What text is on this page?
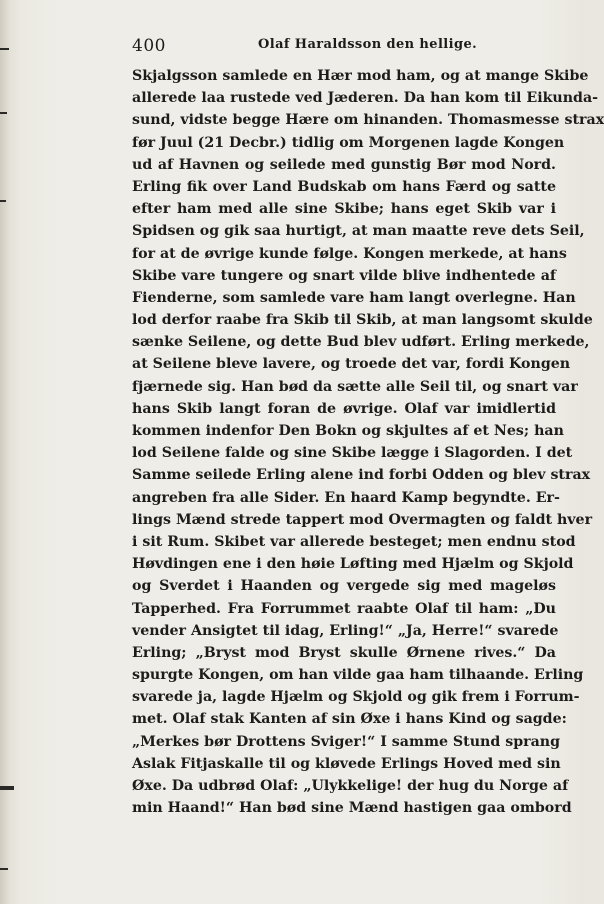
400	Olaf Haraldsson den hellige.
Skjalgsson samlede en Hær mod ham, og at mange Skibe
allerede laa rustede ved Jæderen. Da han kom til Eikunda-
sund, vidste begge Hære om hinanden. Thomasmesse strax
før Juul (21 Decbr.) tidlig om Morgenen lagde Kongen
ud af Havnen og seilede med gunstig Bør mod Nord.
Erling fik over Land Budskab om hans Færd og satte
efter ham med alle sine Skibe; hans eget Skib var i
Spidsen og gik saa hurtigt, at man maatte reve dets Seil,
for at de øvrige kunde følge. Kongen merkede, at hans
Skibe vare tungere og snart vilde blive indhentede af
Fienderne, som samlede vare ham langt overlegne. Han
lod derfor raabe fra Skib til Skib, at man langsomt skulde
sænke Seilene, og dette Bud blev udført. Erling merkede,
at Seilene bleve lavere, og troede det var, fordi Kongen
fjærnede sig. Han bød da sætte alle Seil til, og snart var
hans Skib langt foran de øvrige. Olaf var imidlertid
kommen indenfor Den Bokn og skjultes af et Nes; han
lod Seilene falde og sine Skibe lægge i Slagorden. I det
Samme seilede Erling alene ind forbi Odden og blev strax
angreben fra alle Sider. En haard Kamp begyndte. Er-
lings Mænd strede tappert mod Overmagten og faldt hver
i sit Rum. Skibet var allerede besteget; men endnu stod
Høvdingen ene i den høie Løfting med Hjælm og Skjold
og Sverdet i Haanden og vergede sig med mageløs
Tapperhed. Fra Forrummet raabte Olaf til ham: „Du
vender Ansigtet til idag, Erling!“ „Ja, Herre!“ svarede
Erling; „Bryst mod Bryst skulle Ørnene rives.“ Da
spurgte Kongen, om han vilde gaa ham tilhaande. Erling
svarede ja, lagde Hjælm og Skjold og gik frem i Forrum-
met. Olaf stak Kanten af sin Øxe i hans Kind og sagde:
„Merkes bør Drottens Sviger!“ I samme Stund sprang
Aslak Fitjaskalle til og kløvede Erlings Hoved med sin
Øxe. Da udbrød Olaf: „Ulykkelige! der hug du Norge af
min Haand!“ Han bød sine Mænd hastigen gaa ombord
